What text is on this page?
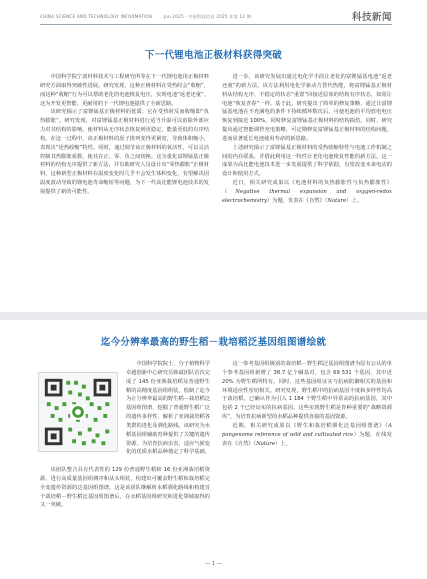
CHINA SCIENCE AND TECHNOLOGY INFORMATION	Jun.2025 · 中国科技信息 2025 年第 12 期	科技新闻
下一代锂电池正极材料获得突破

中国科学院宁波材料技术与工程研究所等在下一代锂电池用正极材料研究方面取得突破性进展。研究发现，这种正极材料在受热时会“收缩”，而这种“收缩”行为可以帮助老化的电池恢复电压，实现电池“返老还童”。这为开发更智能、更耐用的下一代锂电池提供了全新思路。

该研究揭示了富锂锰基正极材料的优质：它在受热时反而收缩即“负热膨胀”。研究发现，对富锂锰基正极材料进行适当升温可以消除外部应力对其结构的影响，使材料从无序状态恢复到更稳定、能量更低的有序结构。在这一过程中，该正极材料的原子排列变得更紧密，导致体积缩小，表现出“逆热收缩”特性。同时，通过调节该正极材料的氧活性，可以灵活控制其热膨胀系数，使其在正、零、负之间切换。这为量化富锂锰基正极材料的结构无序提供了新方法，并有助研究人员设计出“零热膨胀”正极材料，这种新型正极材料在温度变化时几乎不会发生体积变化，有望解决因温度波动导致的锂电池寿命缩短等问题，为下一代高比能锂电池技术的发展提供了新的可能性。

进一步，该研究发展出通过电化学手段让老化的富锂锰基电池“返老还童”的新方法。该方法利用电化学驱动力替代热能，将富锂锰基正极材料从结构无序、不稳定的状态“重置”回接近原始的结构有序状态，如同让电池“恢复青春”一样。基于此，研究提出了简单的修复策略，通过让富锂锰基电池在不充满电的条件下持续循环数次后，可使电池的平均放电电压恢复到接近 100%，同时修复富锂锰基正极材料的结构损伤。同时，研究提出通过智能调控充电策略，可定期修复富锂锰基正极材料的结构问题，进而显著延长电池使用寿命的新思路。

上述研究揭示了富锂锰基正极材料的受热收缩特性与电池工作机制之间的内在联系，并借此利用这一特性让老化电池恢复性能的新方法。这一成果为高比能电池技术进一步发展提供了科学依据，有望改变未来电动的设计和使用方式。

近日，相关研究成果以《电池材料的负热膨胀性与负热膨胀性》（Negative thermal expansion and oxygen-redox electrochemistry）为题，发表在《自然》（Nature）上。

迄今分辨率最高的野生稻－栽培稻泛基因组图谱绘就

该团队整合具有代表性的 129 份普通野生稻和 16 份亚洲栽培稻资源，进行高质量基因组测序和从头组装，构建出可覆盖野生稻和栽培稻完全变遗传资源的泛基因组图谱。这是该团队继解析水稻驯化路线和构建首个栽培稻－野生稻泛基因组图谱后，在水稻基因组研究和进化领域取得的又一突破。

中国科学院院士、分子植物科学卓越创新中心研究员韩斌团队首次完成了 145 份亚洲栽培稻及普通野生稻的高精度基因组组装，绘制了迄今为止分辨率最高的野生稻－栽培稻泛基因组图谱，挖掘了普通野生稻广泛的遗传多样性，解析了亚洲栽培稻各类群的进化及驯化路线。该研究为水稻基因组辅助育种提供了关键的遗传资源，为培育抗病虫害、适应气候变化的优质水稻品种奠定了科学基础。

这一参考基因组级别的栽培稻－野生稻泛基因组图谱为原有公认的单个参考基因组新增了 38.7 亿个碱基对，包含 69 531 个基因，其中近 20% 为野生稻所特有。同时，这些基因组证实与抗病防御相关的基因和环境适应性密切相关。研究发现，野生稻中的抗病基因丰度和多样性均高于栽培稻。已确认作为引入 1 184 个野生稻中异常高的抗病基因，其中包括 2 个已经证实的抗病基因。这些实现野生稻是育种重要的“战略资源库”，为培育抗病新型的水稻品种提供直接的基因资源。

近期，相关研究成果以《野生和栽培稻驯化泛基因组图谱》（A pangenome reference of wild and cultivated rice）为题，在线发表在《自然》（Nature）上。

— 1 —
